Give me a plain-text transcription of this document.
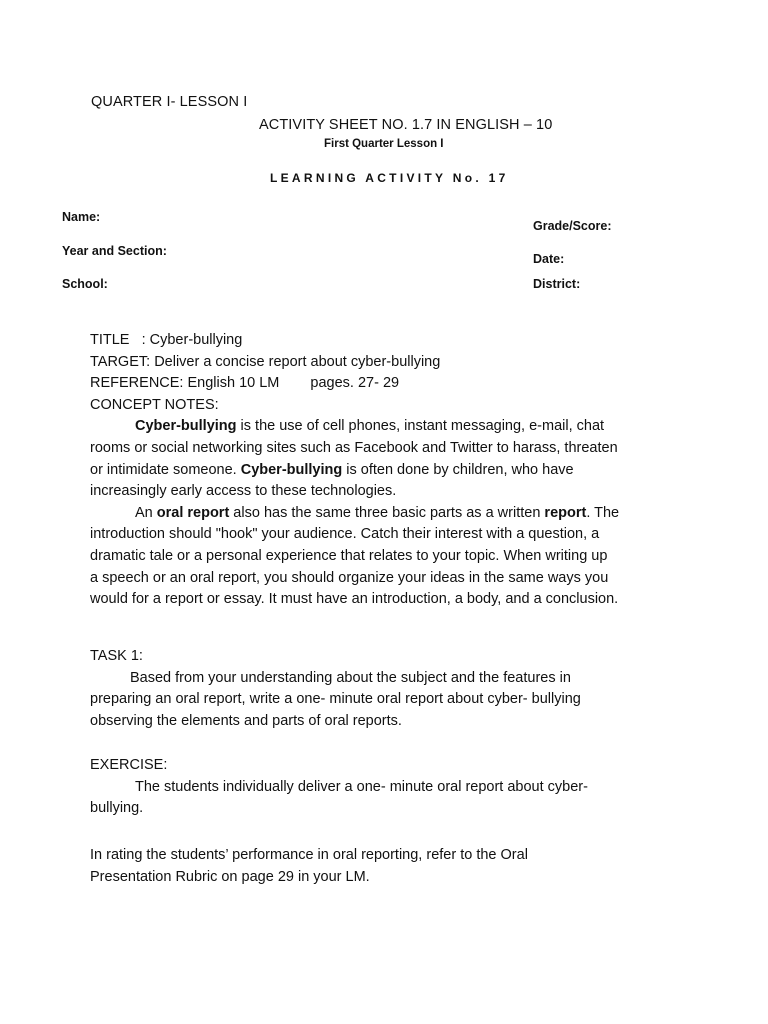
QUARTER I- LESSON I
ACTIVITY SHEET NO. 1.7 IN ENGLISH – 10
First Quarter Lesson I
LEARNING ACTIVITY No. 17
Name:
Year and Section:
School:
Grade/Score:
Date:
District:
TITLE : Cyber-bullying
TARGET: Deliver a concise report about cyber-bullying
REFERENCE: English 10 LM pages. 27- 29
CONCEPT NOTES:
Cyber-bullying is the use of cell phones, instant messaging, e-mail, chat
rooms or social networking sites such as Facebook and Twitter to harass, threaten
or intimidate someone. Cyber-bullying is often done by children, who have
increasingly early access to these technologies.
An oral report also has the same three basic parts as a written report. The
introduction should "hook" your audience. Catch their interest with a question, a
dramatic tale or a personal experience that relates to your topic. When writing up
a speech or an oral report, you should organize your ideas in the same ways you
would for a report or essay. It must have an introduction, a body, and a conclusion.
TASK 1:
Based from your understanding about the subject and the features in
preparing an oral report, write a one- minute oral report about cyber- bullying
observing the elements and parts of oral reports.
EXERCISE:
The students individually deliver a one- minute oral report about cyber-
bullying.
In rating the students’ performance in oral reporting, refer to the Oral
Presentation Rubric on page 29 in your LM.
